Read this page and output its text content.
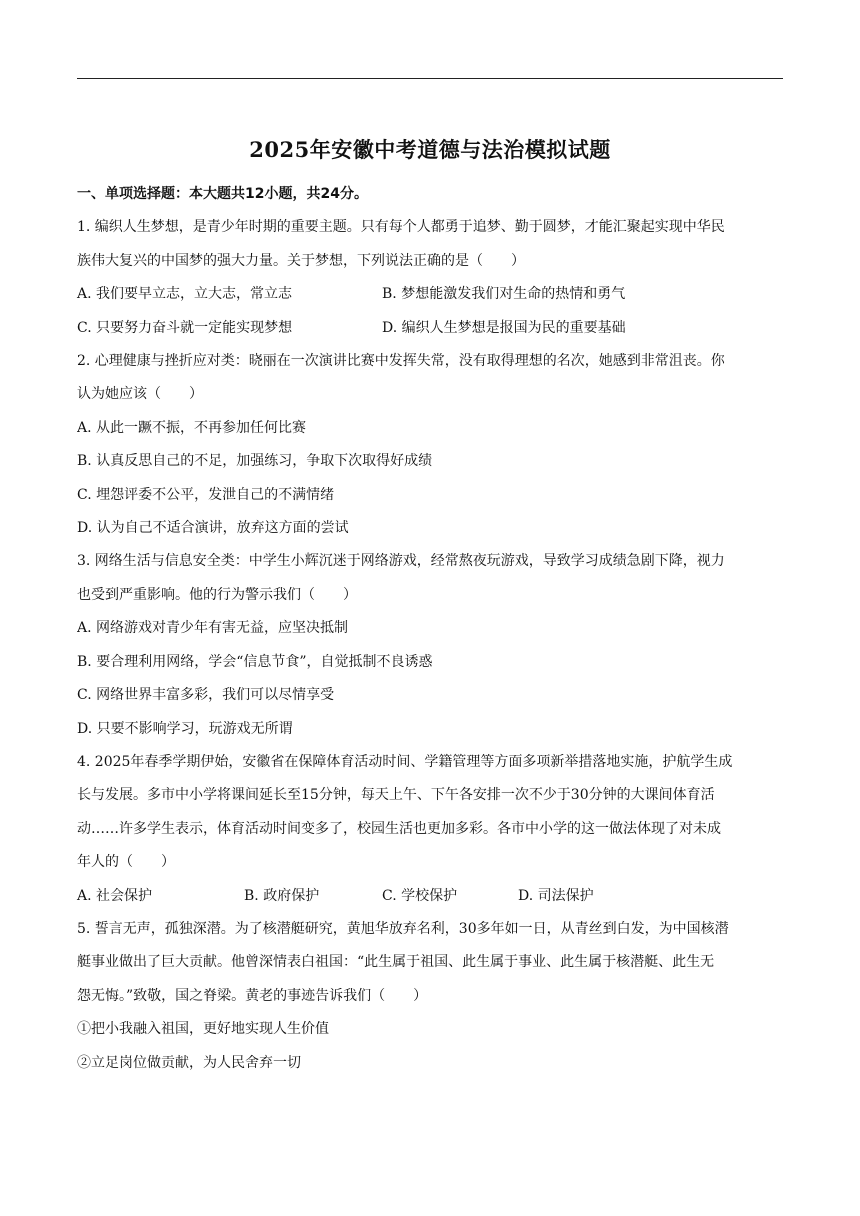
2025年安徽中考道德与法治模拟试题
一、单项选择题：本大题共12小题，共24分。
1. 编织人生梦想，是青少年时期的重要主题。只有每个人都勇于追梦、勤于圆梦，才能汇聚起实现中华民
族伟大复兴的中国梦的强大力量。关于梦想，下列说法正确的是（　　）
A. 我们要早立志，立大志，常立志	B. 梦想能激发我们对生命的热情和勇气
C. 只要努力奋斗就一定能实现梦想	D. 编织人生梦想是报国为民的重要基础
2. 心理健康与挫折应对类：晓丽在一次演讲比赛中发挥失常，没有取得理想的名次，她感到非常沮丧。你
认为她应该（　　）
A. 从此一蹶不振，不再参加任何比赛
B. 认真反思自己的不足，加强练习，争取下次取得好成绩
C. 埋怨评委不公平，发泄自己的不满情绪
D. 认为自己不适合演讲，放弃这方面的尝试
3. 网络生活与信息安全类：中学生小辉沉迷于网络游戏，经常熬夜玩游戏，导致学习成绩急剧下降，视力
也受到严重影响。他的行为警示我们（　　）
A. 网络游戏对青少年有害无益，应坚决抵制
B. 要合理利用网络，学会“信息节食”，自觉抵制不良诱惑
C. 网络世界丰富多彩，我们可以尽情享受
D. 只要不影响学习，玩游戏无所谓
4. 2025年春季学期伊始，安徽省在保障体育活动时间、学籍管理等方面多项新举措落地实施，护航学生成
长与发展。多市中小学将课间延长至15分钟，每天上午、下午各安排一次不少于30分钟的大课间体育活
动……许多学生表示，体育活动时间变多了，校园生活也更加多彩。各市中小学的这一做法体现了对未成
年人的（　　）
A. 社会保护	B. 政府保护	C. 学校保护	D. 司法保护
5. 誓言无声，孤独深潜。为了核潜艇研究，黄旭华放弃名利，30多年如一日，从青丝到白发，为中国核潜
艇事业做出了巨大贡献。他曾深情表白祖国：“此生属于祖国、此生属于事业、此生属于核潜艇、此生无
怨无悔。”致敬，国之脊梁。黄老的事迹告诉我们（　　）
①把小我融入祖国，更好地实现人生价值
②立足岗位做贡献，为人民舍弃一切
